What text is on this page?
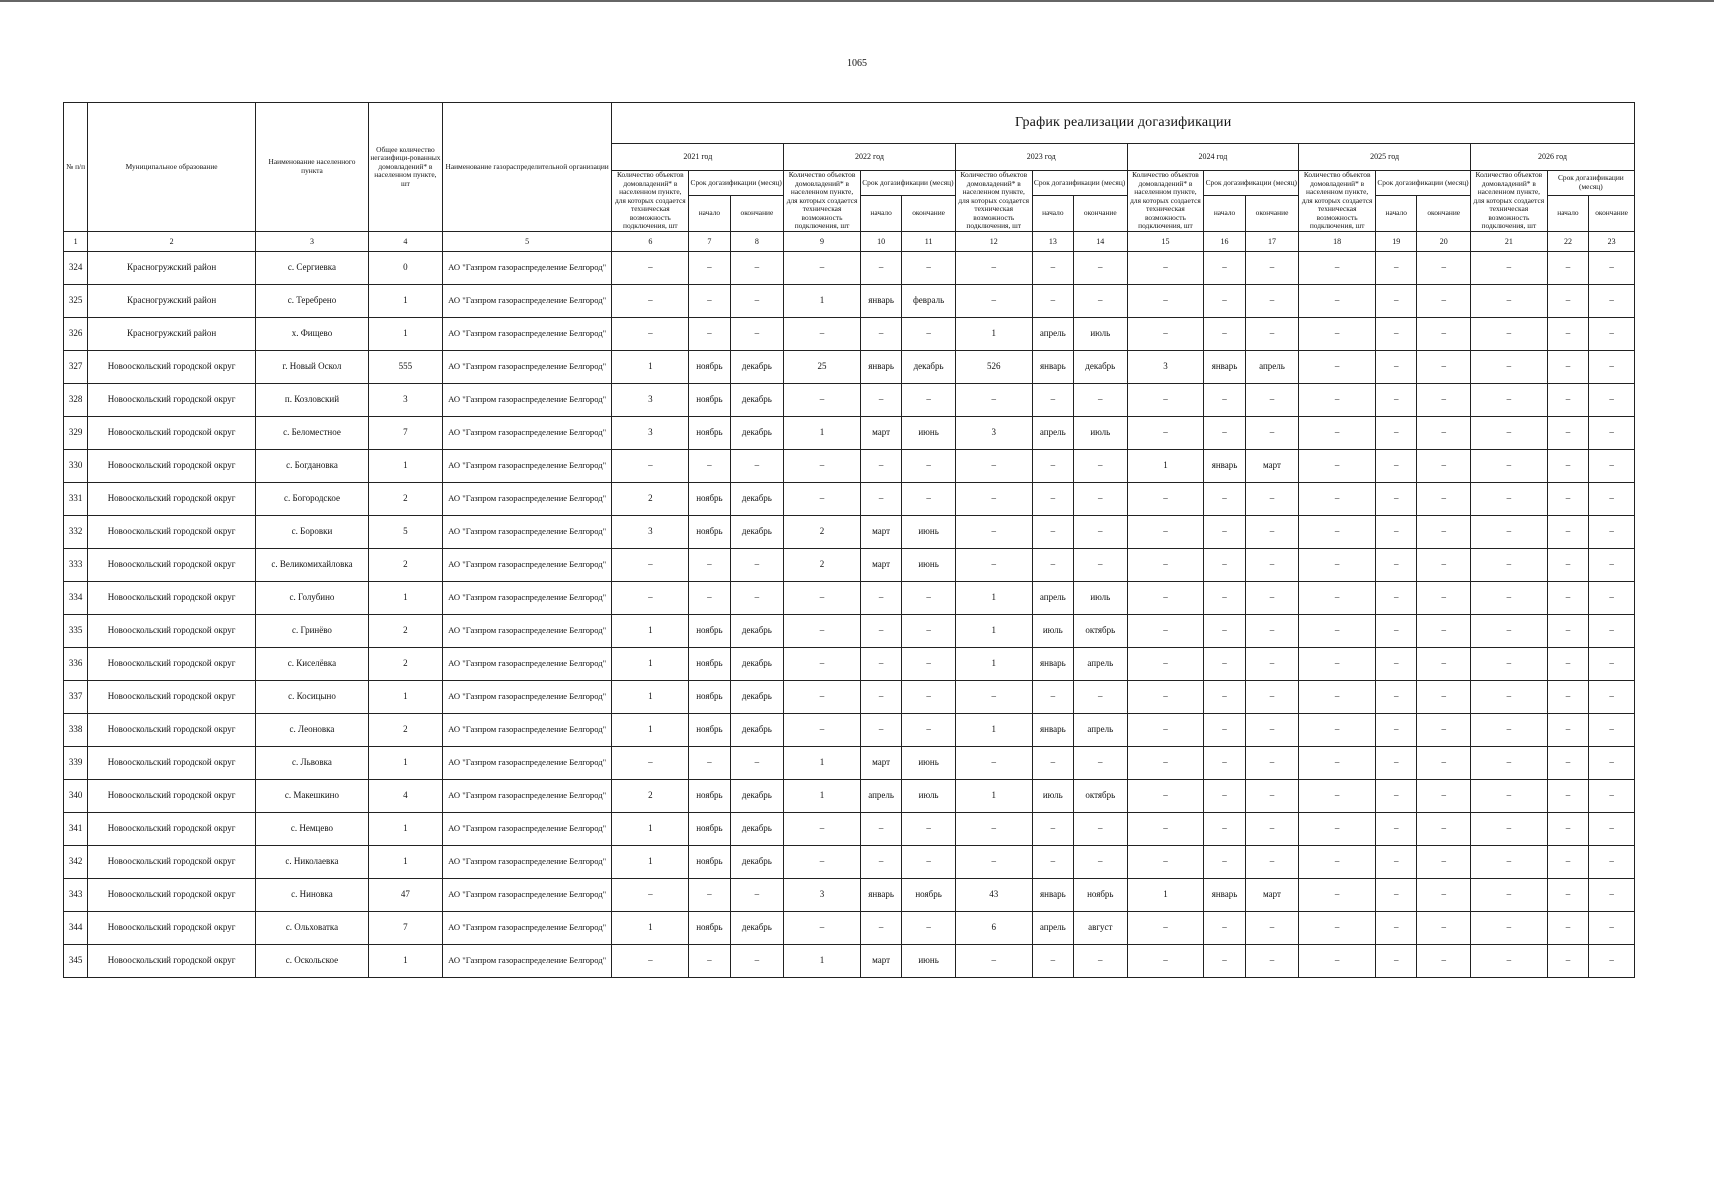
1065
№ п/п	Муниципальное образование	Наименование населенного пункта	Общее количество негазифици-рованных домовладений* в населенном пункте, шт	Наименование газораспределительной организации	График реализации догазификации																	
					2021 год			2022 год			2023 год			2024 год			2025 год			2026 год		
					Количество объектов домовладений* в населенном пункте, для которых создается техническая возможность подключения, шт	Срок догазификации (месяц)		Количество объектов домовладений* в населенном пункте, для которых создается техническая возможность подключения, шт	Срок догазификации (месяц)		Количество объектов домовладений* в населенном пункте, для которых создается техническая возможность подключения, шт	Срок догазификации (месяц)		Количество объектов домовладений* в населенном пункте, для которых создается техническая возможность подключения, шт	Срок догазификации (месяц)		Количество объектов домовладений* в населенном пункте, для которых создается техническая возможность подключения, шт	Срок догазификации (месяц)		Количество объектов домовладений* в населенном пункте, для которых создается техническая возможность подключения, шт	Срок догазификации (месяц)	
						начало	окончание		начало	окончание		начало	окончание		начало	окончание		начало	окончание		начало	окончание
1	2	3	4	5	6	7	8	9	10	11	12	13	14	15	16	17	18	19	20	21	22	23
324	Красногружский район	с. Сергиевка	0	АО "Газпром газораспределение Белгород"	–	–	–	–	–	–	–	–	–	–	–	–	–	–	–	–	–	–
325	Красногружский район	с. Теребрено	1	АО "Газпром газораспределение Белгород"	–	–	–	1	январь	февраль	–	–	–	–	–	–	–	–	–	–	–	–
326	Красногружский район	х. Фищево	1	АО "Газпром газораспределение Белгород"	–	–	–	–	–	–	1	апрель	июль	–	–	–	–	–	–	–	–	–
327	Новооскольский городской округ	г. Новый Оскол	555	АО "Газпром газораспределение Белгород"	1	ноябрь	декабрь	25	январь	декабрь	526	январь	декабрь	3	январь	апрель	–	–	–	–	–	–
328	Новооскольский городской округ	п. Козловский	3	АО "Газпром газораспределение Белгород"	3	ноябрь	декабрь	–	–	–	–	–	–	–	–	–	–	–	–	–	–	–
329	Новооскольский городской округ	с. Беломестное	7	АО "Газпром газораспределение Белгород"	3	ноябрь	декабрь	1	март	июнь	3	апрель	июль	–	–	–	–	–	–	–	–	–
330	Новооскольский городской округ	с. Богдановка	1	АО "Газпром газораспределение Белгород"	–	–	–	–	–	–	–	–	–	1	январь	март	–	–	–	–	–	–
331	Новооскольский городской округ	с. Богородское	2	АО "Газпром газораспределение Белгород"	2	ноябрь	декабрь	–	–	–	–	–	–	–	–	–	–	–	–	–	–	–
332	Новооскольский городской округ	с. Боровки	5	АО "Газпром газораспределение Белгород"	3	ноябрь	декабрь	2	март	июнь	–	–	–	–	–	–	–	–	–	–	–	–
333	Новооскольский городской округ	с. Великомихайловка	2	АО "Газпром газораспределение Белгород"	–	–	–	2	март	июнь	–	–	–	–	–	–	–	–	–	–	–	–
334	Новооскольский городской округ	с. Голубино	1	АО "Газпром газораспределение Белгород"	–	–	–	–	–	–	1	апрель	июль	–	–	–	–	–	–	–	–	–
335	Новооскольский городской округ	с. Гринёво	2	АО "Газпром газораспределение Белгород"	1	ноябрь	декабрь	–	–	–	1	июль	октябрь	–	–	–	–	–	–	–	–	–
336	Новооскольский городской округ	с. Киселёвка	2	АО "Газпром газораспределение Белгород"	1	ноябрь	декабрь	–	–	–	1	январь	апрель	–	–	–	–	–	–	–	–	–
337	Новооскольский городской округ	с. Косицыно	1	АО "Газпром газораспределение Белгород"	1	ноябрь	декабрь	–	–	–	–	–	–	–	–	–	–	–	–	–	–	–
338	Новооскольский городской округ	с. Леоновка	2	АО "Газпром газораспределение Белгород"	1	ноябрь	декабрь	–	–	–	1	январь	апрель	–	–	–	–	–	–	–	–	–
339	Новооскольский городской округ	с. Львовка	1	АО "Газпром газораспределение Белгород"	–	–	–	1	март	июнь	–	–	–	–	–	–	–	–	–	–	–	–
340	Новооскольский городской округ	с. Макешкино	4	АО "Газпром газораспределение Белгород"	2	ноябрь	декабрь	1	апрель	июль	1	июль	октябрь	–	–	–	–	–	–	–	–	–
341	Новооскольский городской округ	с. Немцево	1	АО "Газпром газораспределение Белгород"	1	ноябрь	декабрь	–	–	–	–	–	–	–	–	–	–	–	–	–	–	–
342	Новооскольский городской округ	с. Николаевка	1	АО "Газпром газораспределение Белгород"	1	ноябрь	декабрь	–	–	–	–	–	–	–	–	–	–	–	–	–	–	–
343	Новооскольский городской округ	с. Ниновка	47	АО "Газпром газораспределение Белгород"	–	–	–	3	январь	ноябрь	43	январь	ноябрь	1	январь	март	–	–	–	–	–	–
344	Новооскольский городской округ	с. Ольховатка	7	АО "Газпром газораспределение Белгород"	1	ноябрь	декабрь	–	–	–	6	апрель	август	–	–	–	–	–	–	–	–	–
345	Новооскольский городской округ	с. Оскольское	1	АО "Газпром газораспределение Белгород"	–	–	–	1	март	июнь	–	–	–	–	–	–	–	–	–	–	–	–
